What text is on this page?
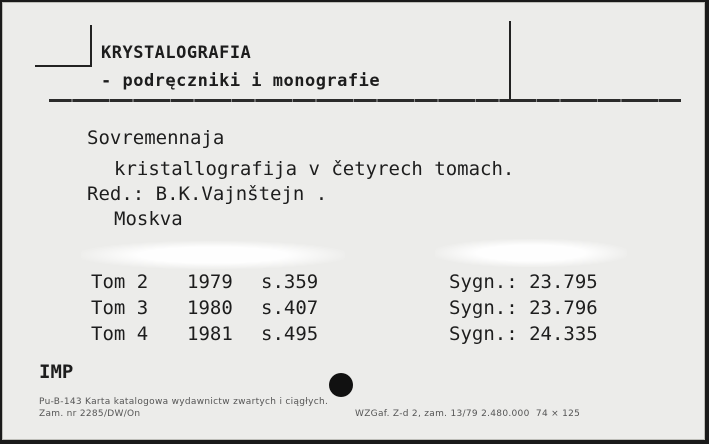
KRYSTALOGRAFIA
- podręczniki i monografie
Sovremennaja
kristallografija v četyrech tomach.
Red.: B.K.Vajnštejn .
Moskva
Tom 2 1979 s.359
Tom 3 1980 s.407
Tom 4 1981 s.495
Sygn.: 23.795
Sygn.: 23.796
Sygn.: 24.335
IMP
Pu-B-143 Karta katalogowa wydawnictw zwartych i ciągłych.
Zam. nr 2285/DW/On	WZGaf. Z-d 2, zam. 13/79 2.480.000  74 × 125
